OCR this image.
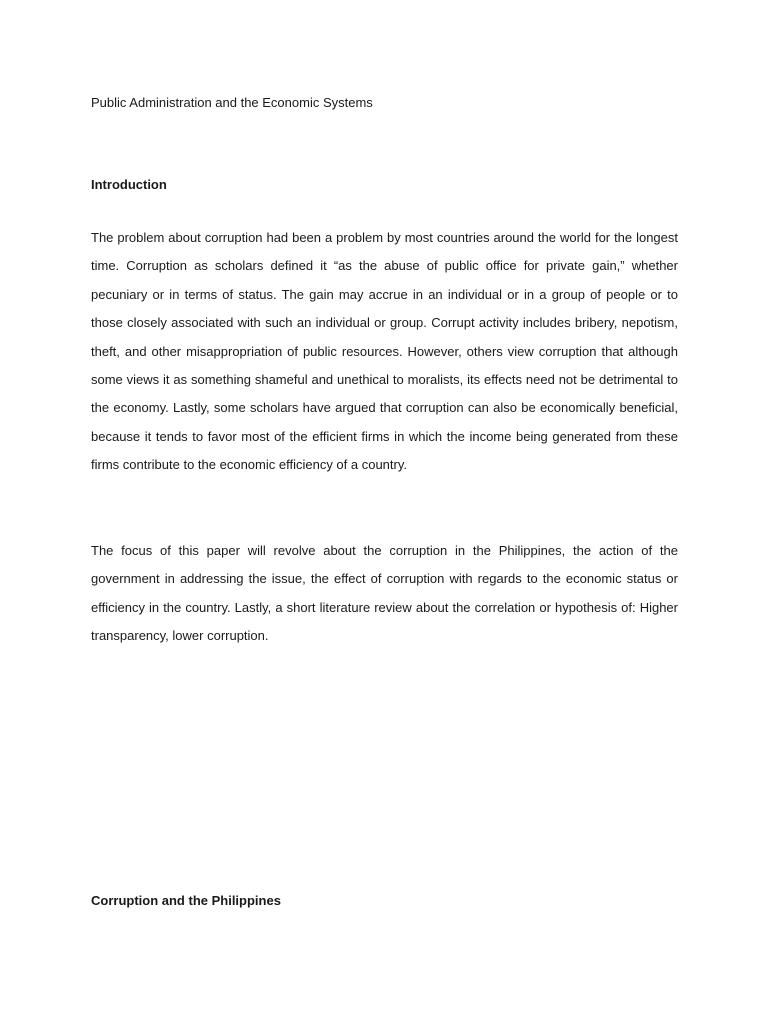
Public Administration and the Economic Systems
Introduction

The problem about corruption had been a problem by most countries around the world for the longest time. Corruption as scholars defined it “as the abuse of public office for private gain,” whether pecuniary or in terms of status. The gain may accrue in an individual or in a group of people or to those closely associated with such an individual or group. Corrupt activity includes bribery, nepotism, theft, and other misappropriation of public resources. However, others view corruption that although some views it as something shameful and unethical to moralists, its effects need not be detrimental to the economy. Lastly, some scholars have argued that corruption can also be economically beneficial, because it tends to favor most of the efficient firms in which the income being generated from these firms contribute to the economic efficiency of a country.

The focus of this paper will revolve about the corruption in the Philippines, the action of the government in addressing the issue, the effect of corruption with regards to the economic status or efficiency in the country. Lastly, a short literature review about the correlation or hypothesis of: Higher transparency, lower corruption.

Corruption and the Philippines
